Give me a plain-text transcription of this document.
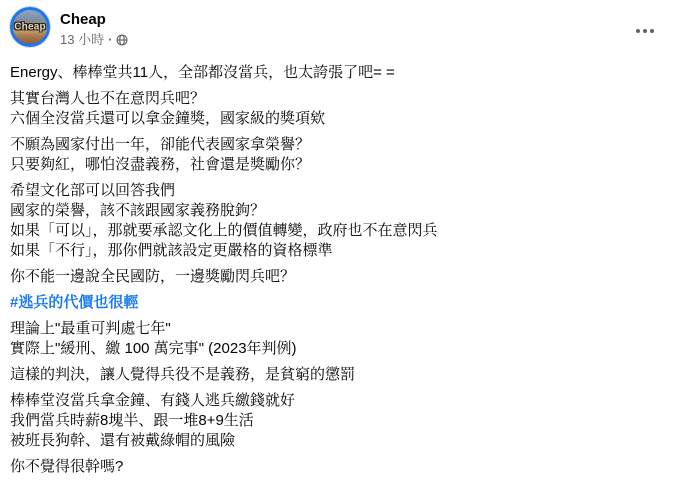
Cheap Cheap
13 小時 ·
Energy、棒棒堂共11人，全部都沒當兵，也太誇張了吧= =
其實台灣人也不在意閃兵吧？
六個全沒當兵還可以拿金鐘獎，國家級的獎項欸
不願為國家付出一年，卻能代表國家拿榮譽？
只要夠紅，哪怕沒盡義務，社會還是獎勵你？
希望文化部可以回答我們
國家的榮譽，該不該跟國家義務脫鉤？
如果「可以」，那就要承認文化上的價值轉變，政府也不在意閃兵
如果「不行」，那你們就該設定更嚴格的資格標準
你不能一邊說全民國防，一邊獎勵閃兵吧？
#逃兵的代價也很輕
理論上"最重可判處七年"
實際上"緩刑、繳 100 萬完事" (2023年判例)
這樣的判決，讓人覺得兵役不是義務，是貧窮的懲罰
棒棒堂沒當兵拿金鐘、有錢人逃兵繳錢就好
我們當兵時薪8塊半、跟一堆8+9生活
被班長狗幹、還有被戴綠帽的風險
你不覺得很幹嗎?
